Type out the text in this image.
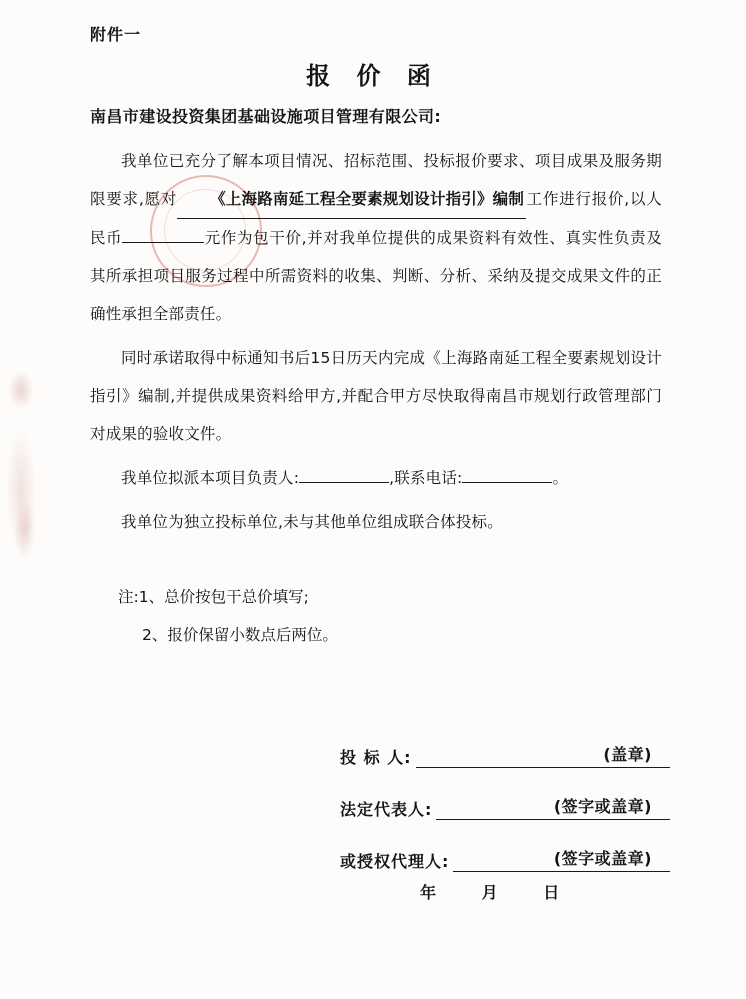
附件一
报 价 函
南昌市建设投资集团基础设施项目管理有限公司:

我单位已充分了解本项目情况、招标范围、投标报价要求、项目成果及服务期限要求,愿对 《上海路南延工程全要素规划设计指引》编制 工作进行报价,以人民币	元作为包干价,并对我单位提供的成果资料有效性、真实性负责及其所承担项目服务过程中所需资料的收集、判断、分析、采纳及提交成果文件的正确性承担全部责任。

同时承诺取得中标通知书后15日历天内完成《上海路南延工程全要素规划设计指引》编制,并提供成果资料给甲方,并配合甲方尽快取得南昌市规划行政管理部门对成果的验收文件。

我单位拟派本项目负责人:	,联系电话:	。

我单位为独立投标单位,未与其他单位组成联合体投标。

注:1、总价按包干总价填写;
2、报价保留小数点后两位。
投 标 人:	(盖章)
法定代表人:	(签字或盖章)
或授权代理人:	(签字或盖章)
年	月	日
